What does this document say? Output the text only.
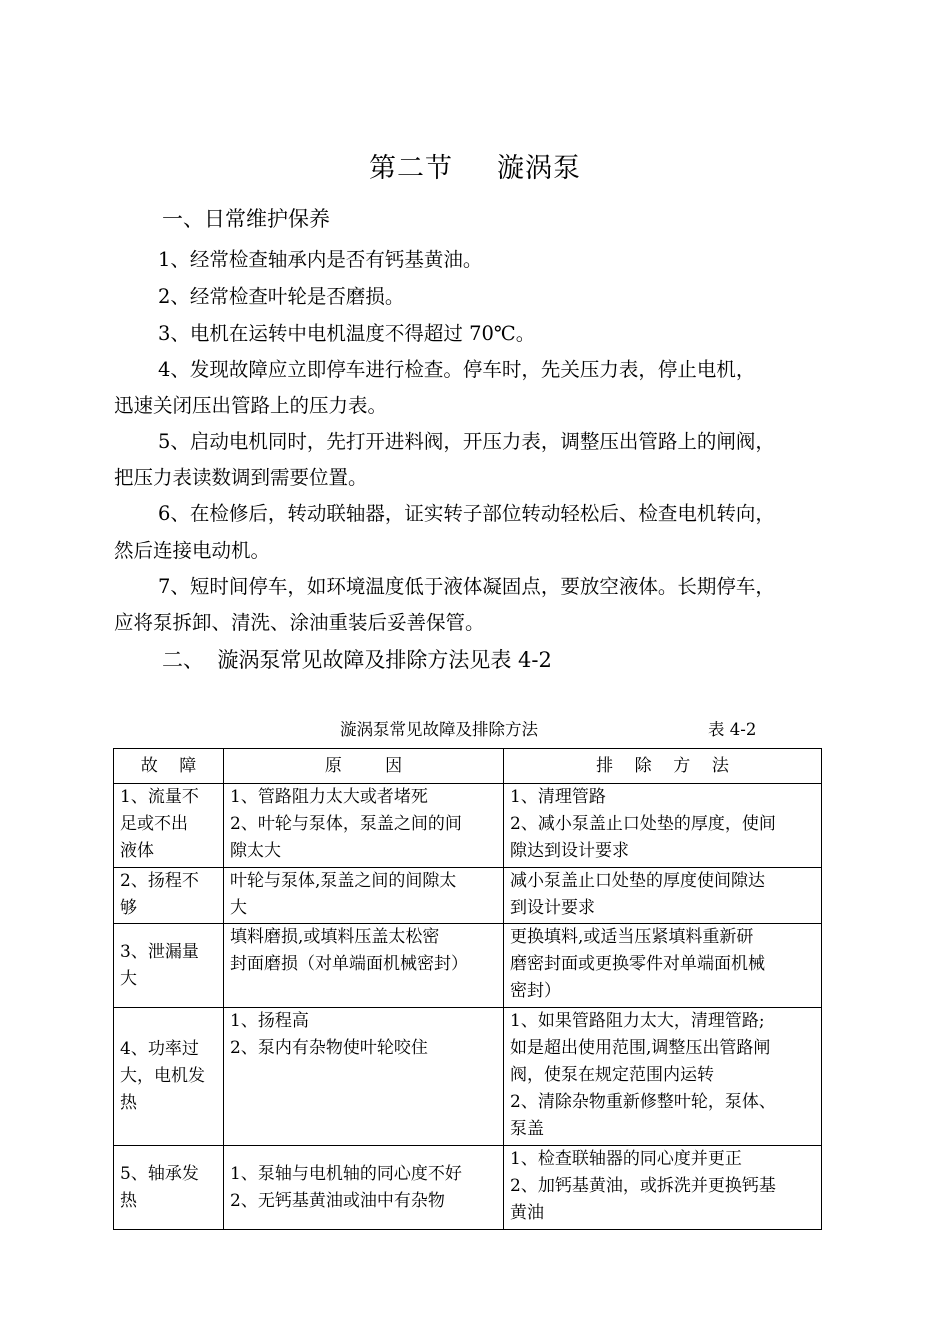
第二节 漩涡泵
一、日常维护保养
1、经常检查轴承内是否有钙基黄油。
2、经常检查叶轮是否磨损。
3、电机在运转中电机温度不得超过 70℃。
4、发现故障应立即停车进行检查。停车时，先关压力表，停止电机，
迅速关闭压出管路上的压力表。
5、启动电机同时，先打开进料阀，开压力表，调整压出管路上的闸阀，
把压力表读数调到需要位置。
6、在检修后，转动联轴器，证实转子部位转动轻松后、检查电机转向，
然后连接电动机。
7、短时间停车，如环境温度低于液体凝固点，要放空液体。长期停车，
应将泵拆卸、清洗、涂油重装后妥善保管。
二、  漩涡泵常见故障及排除方法见表 4-2
漩涡泵常见故障及排除方法	表 4-2
故    障	原        因	排    除    方    法

1、流量不
足或不出
液体	1、管路阻力太大或者堵死
2、叶轮与泵体，泵盖之间的间
隙太大	1、清理管路
2、减小泵盖止口处垫的厚度，使间
隙达到设计要求

2、扬程不
够	叶轮与泵体,泵盖之间的间隙太
大	减小泵盖止口处垫的厚度使间隙达
到设计要求

3、泄漏量
大	填料磨损,或填料压盖太松密
封面磨损（对单端面机械密封）	更换填料,或适当压紧填料重新研
磨密封面或更换零件对单端面机械
密封）

4、功率过
大，电机发
热	1、扬程高
2、泵内有杂物使叶轮咬住	1、如果管路阻力太大，清理管路;
如是超出使用范围,调整压出管路闸
阀，使泵在规定范围内运转
2、清除杂物重新修整叶轮，泵体、
泵盖

5、轴承发
热	1、泵轴与电机轴的同心度不好
2、无钙基黄油或油中有杂物	1、检查联轴器的同心度并更正
2、加钙基黄油，或拆洗并更换钙基
黄油
